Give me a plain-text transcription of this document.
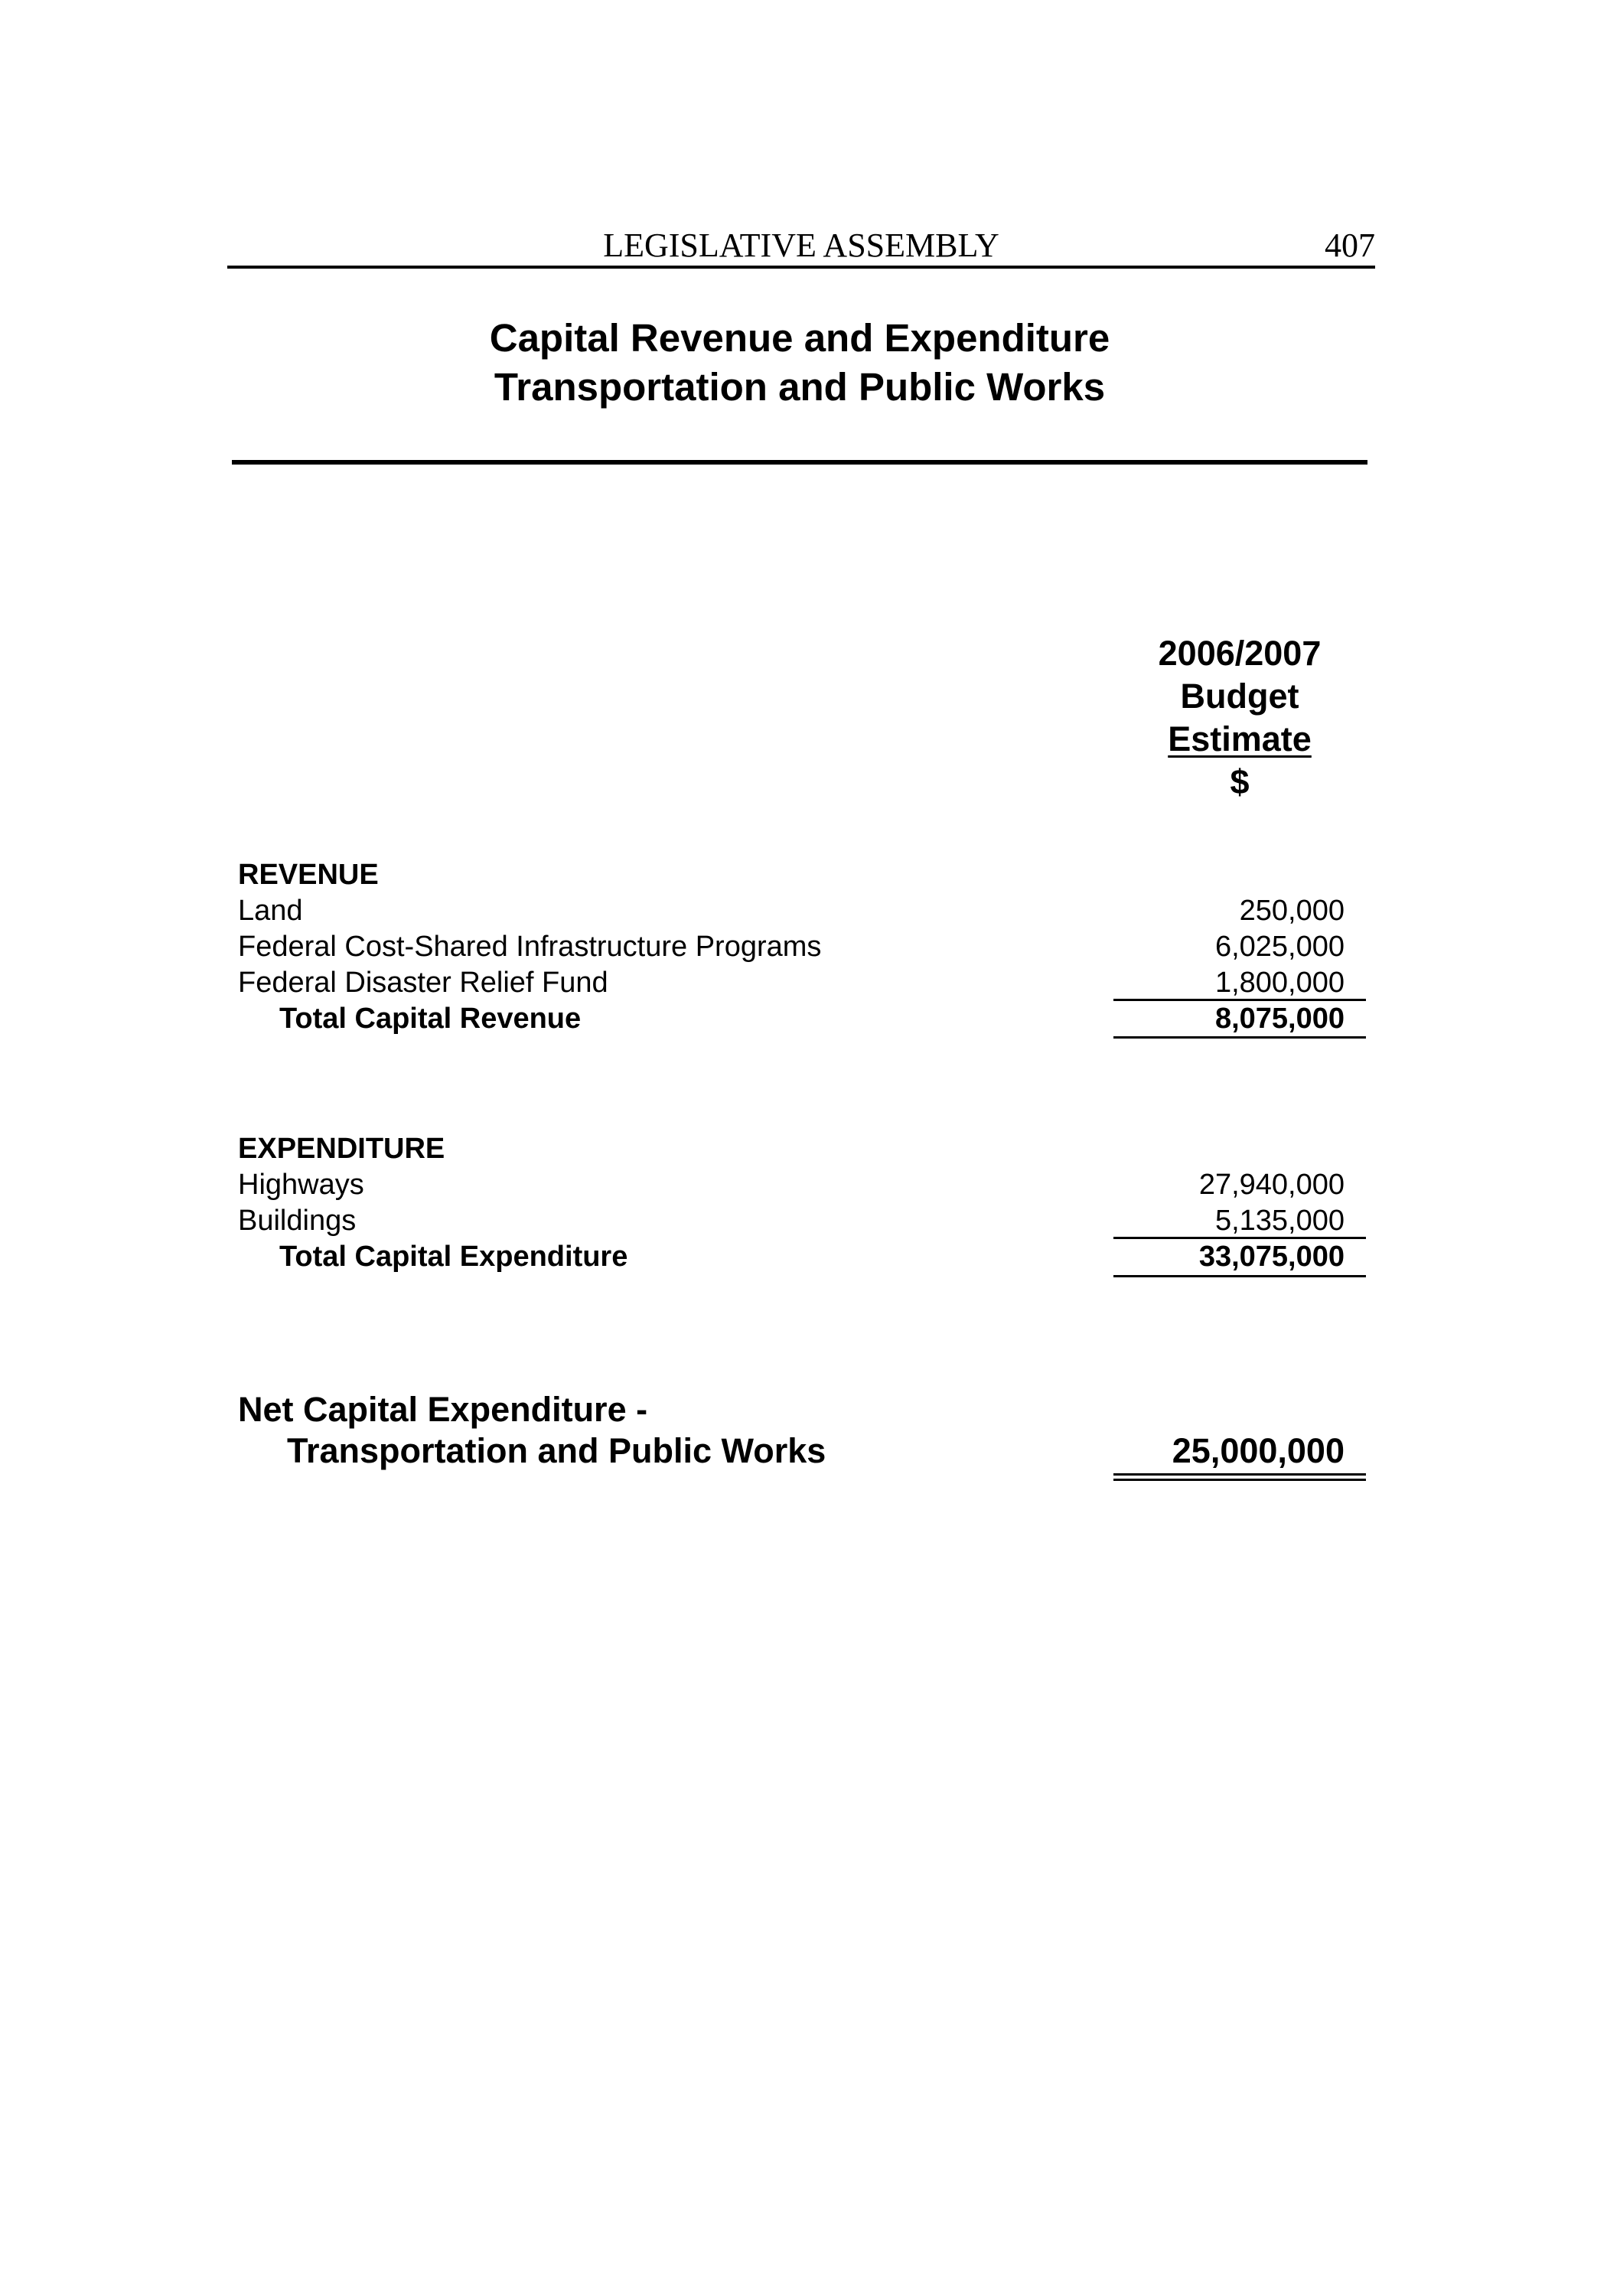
LEGISLATIVE ASSEMBLY	407
Capital Revenue and Expenditure
Transportation and Public Works
2006/2007
Budget
Estimate
$
REVENUE
Land	250,000
Federal Cost-Shared Infrastructure Programs	6,025,000
Federal Disaster Relief Fund	1,800,000
Total Capital Revenue	8,075,000
EXPENDITURE
Highways	27,940,000
Buildings	5,135,000
Total Capital Expenditure	33,075,000
Net Capital Expenditure -
Transportation and Public Works	25,000,000
